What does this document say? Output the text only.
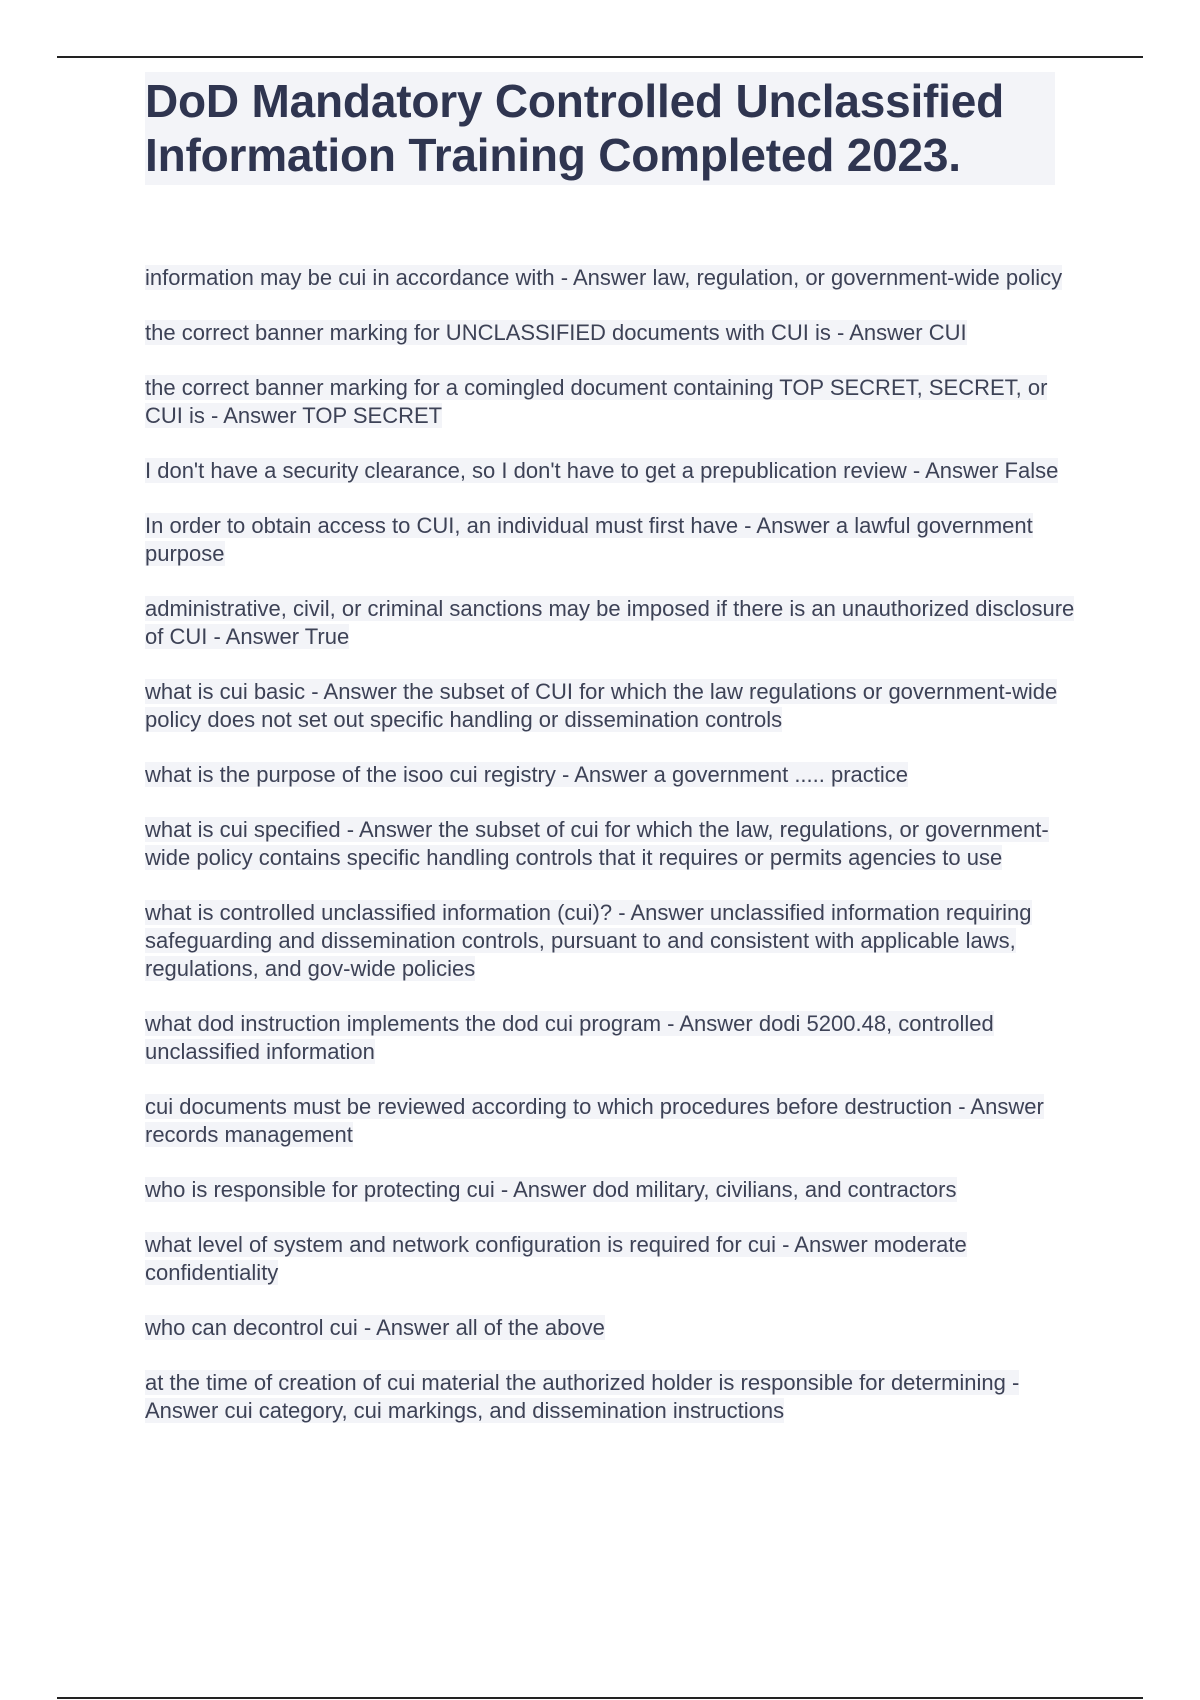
DoD Mandatory Controlled Unclassified Information Training Completed 2023.
information may be cui in accordance with - Answer law, regulation, or government-wide policy
the correct banner marking for UNCLASSIFIED documents with CUI is - Answer CUI
the correct banner marking for a comingled document containing TOP SECRET, SECRET, or CUI is - Answer TOP SECRET
I don't have a security clearance, so I don't have to get a prepublication review - Answer False
In order to obtain access to CUI, an individual must first have - Answer a lawful government purpose
administrative, civil, or criminal sanctions may be imposed if there is an unauthorized disclosure of CUI - Answer True
what is cui basic - Answer the subset of CUI for which the law regulations or government-wide policy does not set out specific handling or dissemination controls
what is the purpose of the isoo cui registry - Answer a government ..... practice
what is cui specified - Answer the subset of cui for which the law, regulations, or government-wide policy contains specific handling controls that it requires or permits agencies to use
what is controlled unclassified information (cui)? - Answer unclassified information requiring safeguarding and dissemination controls, pursuant to and consistent with applicable laws, regulations, and gov-wide policies
what dod instruction implements the dod cui program - Answer dodi 5200.48, controlled unclassified information
cui documents must be reviewed according to which procedures before destruction - Answer records management
who is responsible for protecting cui - Answer dod military, civilians, and contractors
what level of system and network configuration is required for cui - Answer moderate confidentiality
who can decontrol cui - Answer all of the above
at the time of creation of cui material the authorized holder is responsible for determining - Answer cui category, cui markings, and dissemination instructions
